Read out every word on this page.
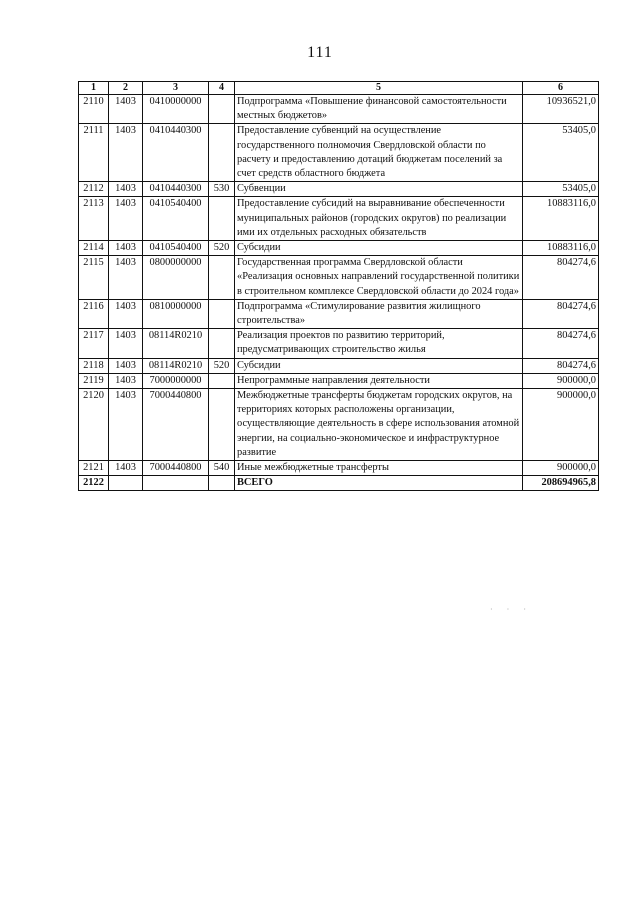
111
1	2	3	4	5	6
2110	1403	0410000000		Подпрограмма «Повышение финансовой самостоятельности местных бюджетов»	10936521,0
2111	1403	0410440300		Предоставление субвенций на осуществление государственного полномочия Свердловской области по расчету и предоставлению дотаций бюджетам поселений за счет средств областного бюджета	53405,0
2112	1403	0410440300	530	Субвенции	53405,0
2113	1403	0410540400		Предоставление субсидий на выравнивание обеспеченности муниципальных районов (городских округов) по реализации ими их отдельных расходных обязательств	10883116,0
2114	1403	0410540400	520	Субсидии	10883116,0
2115	1403	0800000000		Государственная программа Свердловской области «Реализация основных направлений государственной политики в строительном комплексе Свердловской области до 2024 года»	804274,6
2116	1403	0810000000		Подпрограмма «Стимулирование развития жилищного строительства»	804274,6
2117	1403	08114R0210		Реализация проектов по развитию территорий, предусматривающих строительство жилья	804274,6
2118	1403	08114R0210	520	Субсидии	804274,6
2119	1403	7000000000		Непрограммные направления деятельности	900000,0
2120	1403	7000440800		Межбюджетные трансферты бюджетам городских округов, на территориях которых расположены организации, осуществляющие деятельность в сфере использования атомной энергии, на социально-экономическое и инфраструктурное развитие	900000,0
2121	1403	7000440800	540	Иные межбюджетные трансферты	900000,0
2122				ВСЕГО	208694965,8
· · ·
